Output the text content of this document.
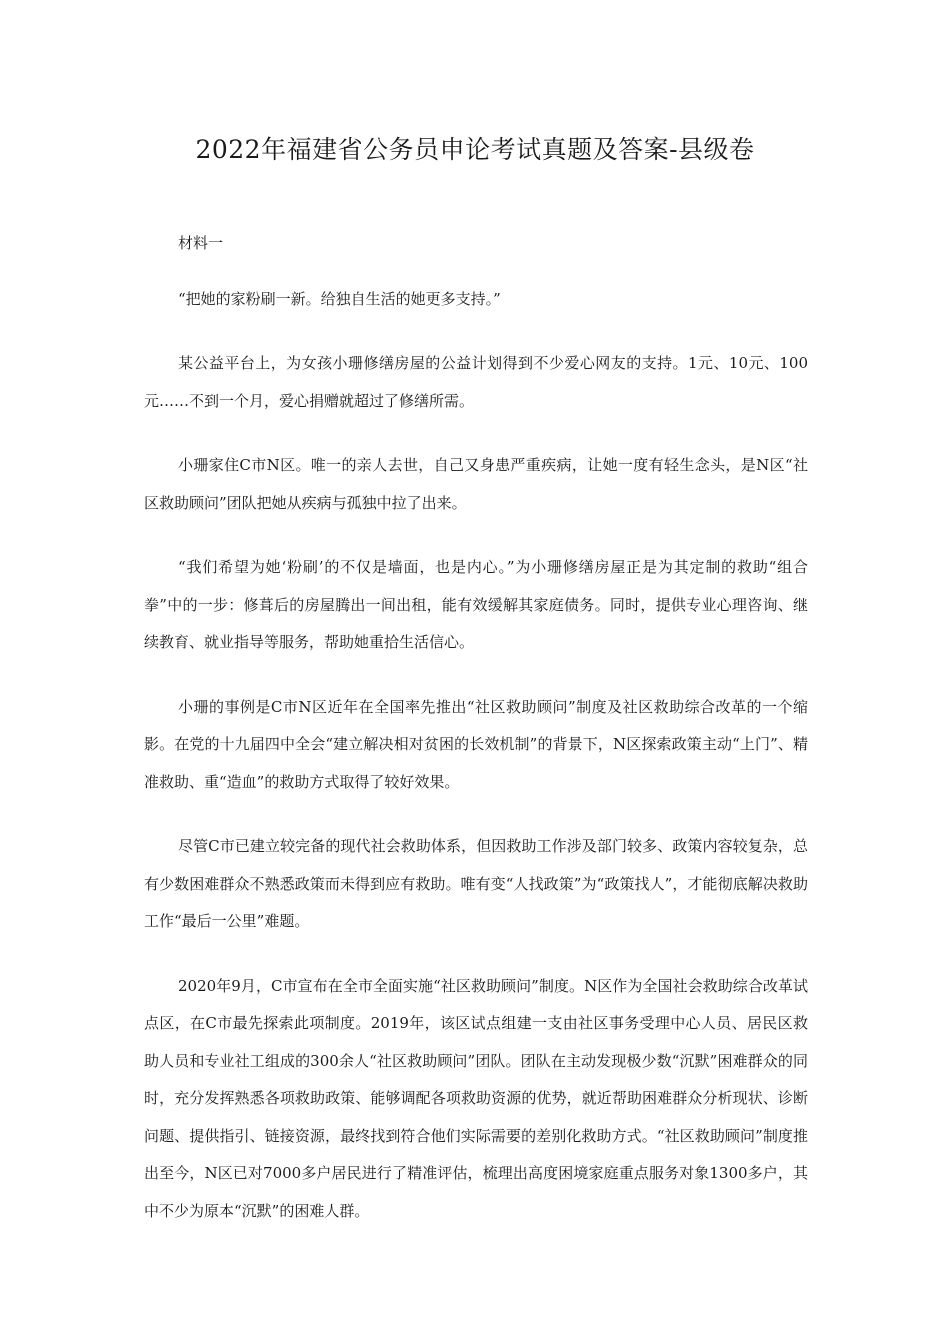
2022年福建省公务员申论考试真题及答案-县级卷

材料一

“把她的家粉刷一新。给独自生活的她更多支持。”

某公益平台上，为女孩小珊修缮房屋的公益计划得到不少爱心网友的支持。1元、10元、100元……不到一个月，爱心捐赠就超过了修缮所需。

小珊家住C市N区。唯一的亲人去世，自己又身患严重疾病，让她一度有轻生念头，是N区“社区救助顾问”团队把她从疾病与孤独中拉了出来。

“我们希望为她‘粉刷’的不仅是墙面，也是内心。”为小珊修缮房屋正是为其定制的救助“组合拳”中的一步：修葺后的房屋腾出一间出租，能有效缓解其家庭债务。同时，提供专业心理咨询、继续教育、就业指导等服务，帮助她重拾生活信心。

小珊的事例是C市N区近年在全国率先推出“社区救助顾问”制度及社区救助综合改革的一个缩影。在党的十九届四中全会“建立解决相对贫困的长效机制”的背景下，N区探索政策主动“上门”、精准救助、重“造血”的救助方式取得了较好效果。

尽管C市已建立较完备的现代社会救助体系，但因救助工作涉及部门较多、政策内容较复杂，总有少数困难群众不熟悉政策而未得到应有救助。唯有变“人找政策”为“政策找人”，才能彻底解决救助工作“最后一公里”难题。

2020年9月，C市宣布在全市全面实施“社区救助顾问”制度。N区作为全国社会救助综合改革试点区，在C市最先探索此项制度。2019年，该区试点组建一支由社区事务受理中心人员、居民区救助人员和专业社工组成的300余人“社区救助顾问”团队。团队在主动发现极少数“沉默”困难群众的同时，充分发挥熟悉各项救助政策、能够调配各项救助资源的优势，就近帮助困难群众分析现状、诊断问题、提供指引、链接资源，最终找到符合他们实际需要的差别化救助方式。“社区救助顾问”制度推出至今，N区已对7000多户居民进行了精准评估，梳理出高度困境家庭重点服务对象1300多户，其中不少为原本“沉默”的困难人群。
